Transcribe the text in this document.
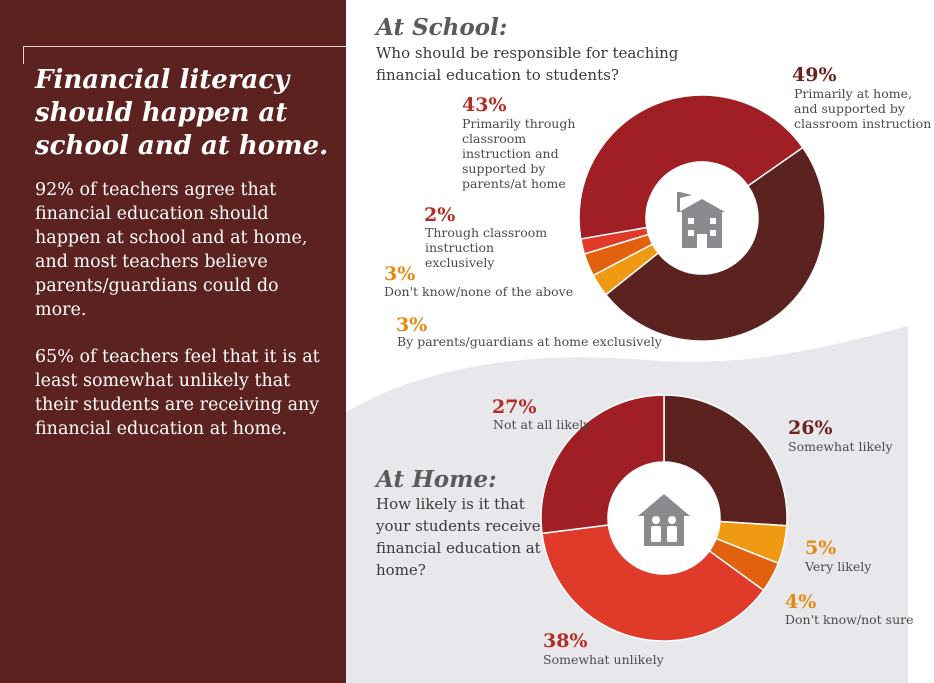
Financial literacy should happen at school and at home.
92% of teachers agree that financial education should happen at school and at home, and most teachers believe parents/guardians could do more.
65% of teachers feel that it is at least somewhat unlikely that their students are receiving any financial education at home.
At School:
Who should be responsible for teaching financial education to students?	49%
Primarily at home, and supported by classroom instruction
43%
Primarily through classroom instruction and supported by parents/at home
2%
Through classroom instruction exclusively
3%
Don't know/none of the above
3%
By parents/guardians at home exclusively
At Home:
How likely is it that your students receive financial education at home?
27%
Not at all likely	26%
Somewhat likely
5%
Very likely
4%
Don't know/not sure
38%
Somewhat unlikely
